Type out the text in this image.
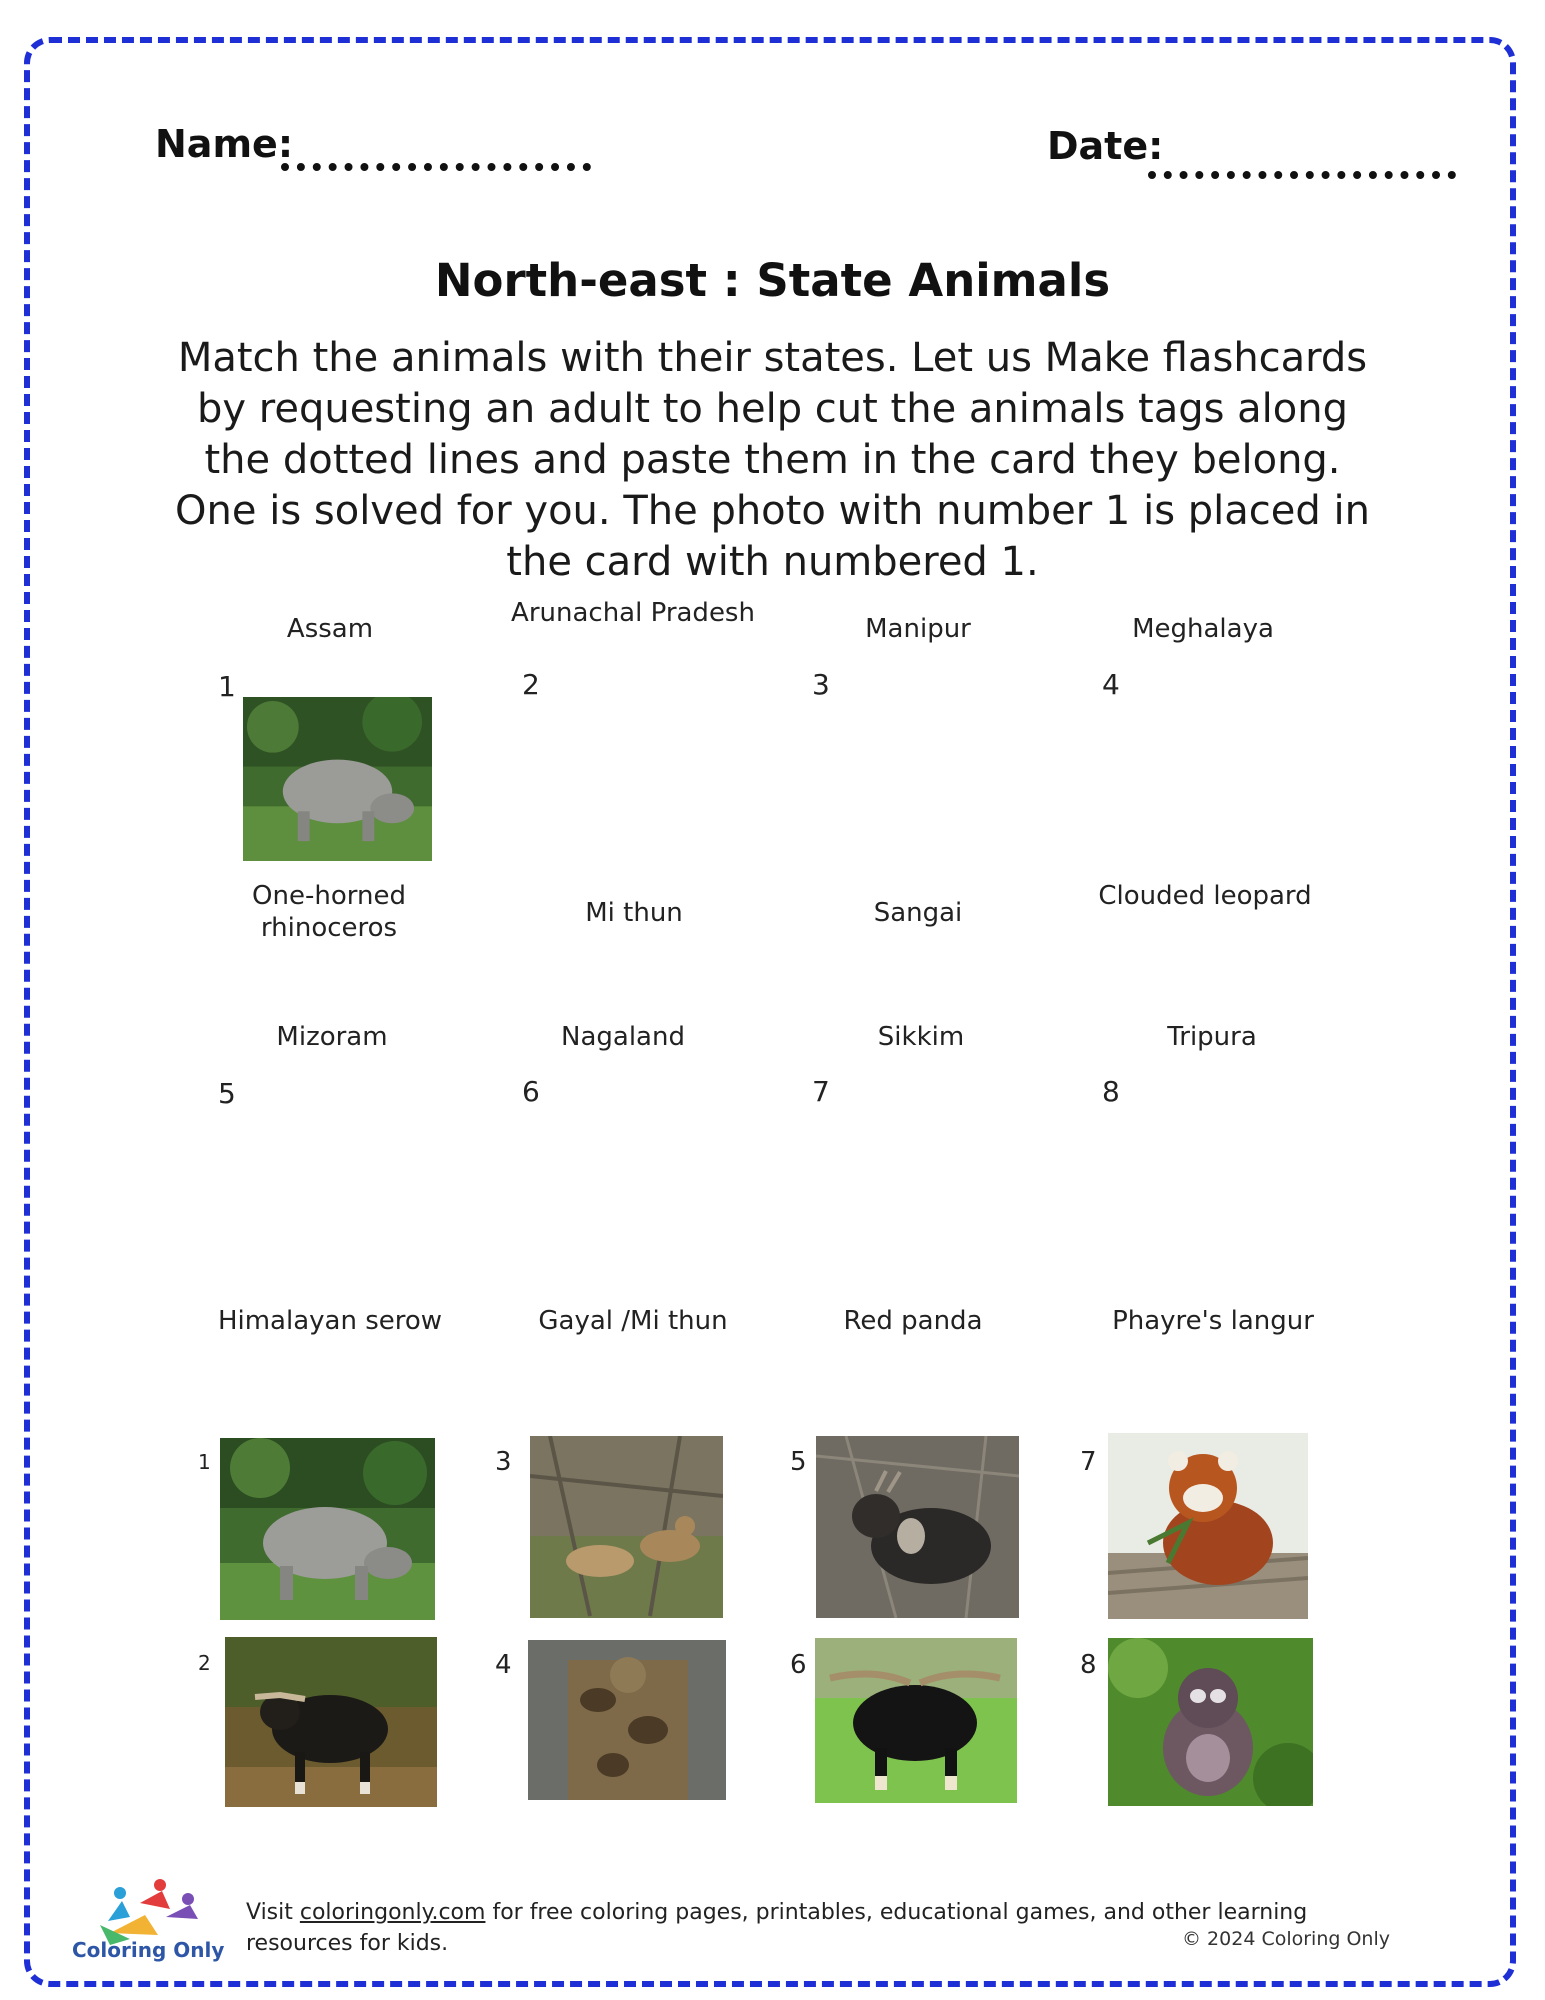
Name:	Date:
North-east : State Animals
Match the animals with their states. Let us Make flashcards by requesting an adult to help cut the animals tags along the dotted lines and paste them in the card they belong. One is solved for you. The photo with number 1 is placed in the card with numbered 1.
Assam
Arunachal Pradesh
Manipur	Meghalaya
1	2	3	4
One-horned rhinoceros	Mi thun	Sangai
Clouded leopard
Mizoram	Nagaland	Sikkim	Tripura
5	6	7	8
Himalayan serow	Gayal /Mi thun	Red panda	Phayre's langur
1
2
3
4
5
6
7
8
Coloring Only
Visit coloringonly.com for free coloring pages, printables, educational games, and other learning resources for kids.	© 2024 Coloring Only
